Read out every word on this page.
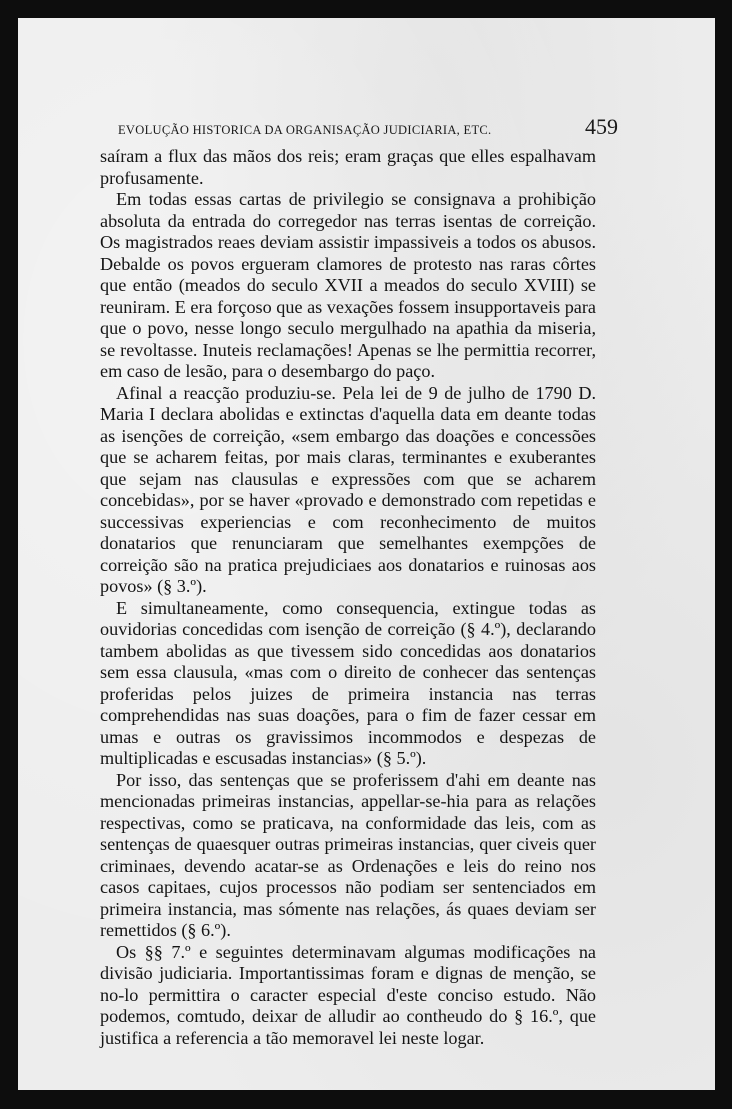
EVOLUÇÃO HISTORICA DA ORGANISAÇÃO JUDICIARIA, ETC.	459

saíram a flux das mãos dos reis; eram graças que elles espalhavam profusamente.

Em todas essas cartas de privilegio se consignava a prohibição absoluta da entrada do corregedor nas terras isentas de correição. Os magistrados reaes deviam assistir impassiveis a todos os abusos. Debalde os povos ergueram clamores de protesto nas raras côrtes que então (meados do seculo XVII a meados do seculo XVIII) se reuniram. E era forçoso que as vexações fossem insupportaveis para que o povo, nesse longo seculo mergulhado na apathia da miseria, se revoltasse. Inuteis reclamações! Apenas se lhe permittia recorrer, em caso de lesão, para o desembargo do paço.

Afinal a reacção produziu-se. Pela lei de 9 de julho de 1790 D. Maria I declara abolidas e extinctas d'aquella data em deante todas as isenções de correição, «sem embargo das doações e concessões que se acharem feitas, por mais claras, terminantes e exuberantes que sejam nas clausulas e expressões com que se acharem concebidas», por se haver «provado e demonstrado com repetidas e successivas experiencias e com reconhecimento de muitos donatarios que renunciaram que semelhantes exempções de correição são na pratica prejudiciaes aos donatarios e ruinosas aos povos» (§ 3.º).

E simultaneamente, como consequencia, extingue todas as ouvidorias concedidas com isenção de correição (§ 4.º), declarando tambem abolidas as que tivessem sido concedidas aos donatarios sem essa clausula, «mas com o direito de conhecer das sentenças proferidas pelos juizes de primeira instancia nas terras comprehendidas nas suas doações, para o fim de fazer cessar em umas e outras os gravissimos incommodos e despezas de multiplicadas e escusadas instancias» (§ 5.º).

Por isso, das sentenças que se proferissem d'ahi em deante nas mencionadas primeiras instancias, appellar-se-hia para as relações respectivas, como se praticava, na conformidade das leis, com as sentenças de quaesquer outras primeiras instancias, quer civeis quer criminaes, devendo acatar-se as Ordenações e leis do reino nos casos capitaes, cujos processos não podiam ser sentenciados em primeira instancia, mas sómente nas relações, ás quaes deviam ser remettidos (§ 6.º).

Os §§ 7.º e seguintes determinavam algumas modificações na divisão judiciaria. Importantissimas foram e dignas de menção, se no-lo permittira o caracter especial d'este conciso estudo. Não podemos, comtudo, deixar de alludir ao contheudo do § 16.º, que justifica a referencia a tão memoravel lei neste logar.
